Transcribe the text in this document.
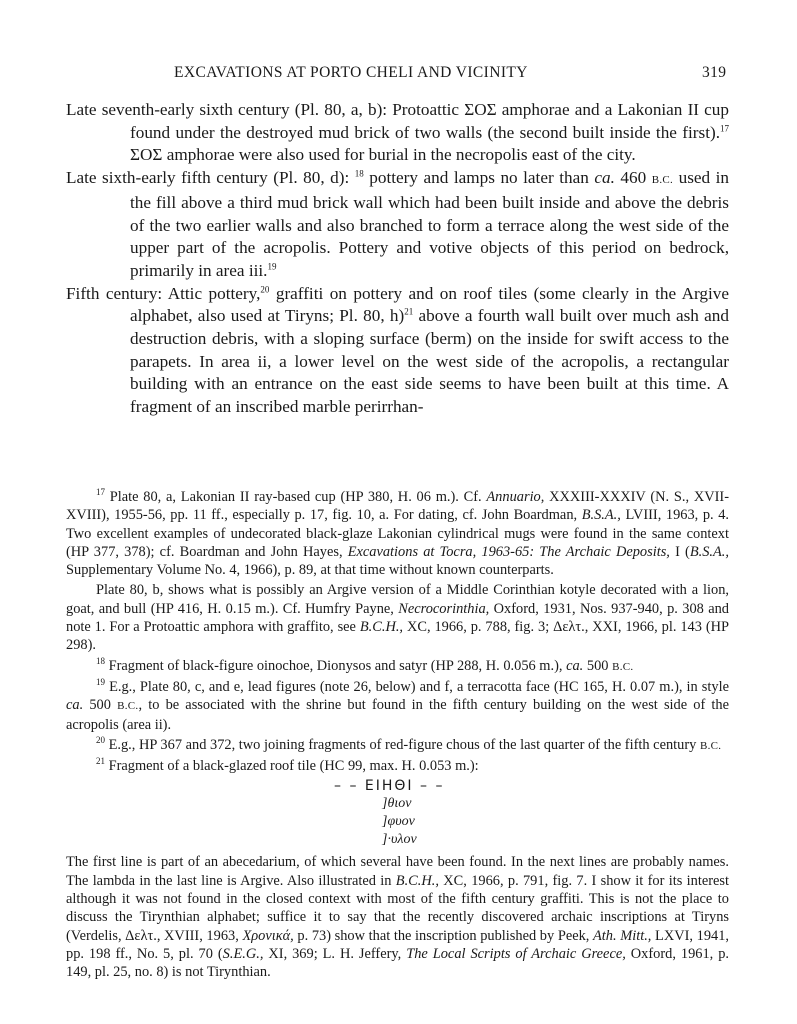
EXCAVATIONS AT PORTO CHELI AND VICINITY	319

Late seventh-early sixth century (Pl. 80, a, b): Protoattic ΣΟΣ amphorae and a Lakonian II cup found under the destroyed mud brick of two walls (the second built inside the first).$^{17}$ ΣΟΣ amphorae were also used for burial in the necropolis east of the city.

Late sixth-early fifth century (Pl. 80, d): $^{18}$ pottery and lamps no later than ca. 460 B.C. used in the fill above a third mud brick wall which had been built inside and above the debris of the two earlier walls and also branched to form a terrace along the west side of the upper part of the acropolis. Pottery and votive objects of this period on bedrock, primarily in area iii.$^{19}$

Fifth century: Attic pottery,$^{20}$ graffiti on pottery and on roof tiles (some clearly in the Argive alphabet, also used at Tiryns; Pl. 80, h)$^{21}$ above a fourth wall built over much ash and destruction debris, with a sloping surface (berm) on the inside for swift access to the parapets. In area ii, a lower level on the west side of the acropolis, a rectangular building with an entrance on the east side seems to have been built at this time. A fragment of an inscribed marble perirrhan-

$^{17}$ Plate 80, a, Lakonian II ray-based cup (HP 380, H. 06 m.). Cf. Annuario, XXXIII-XXXIV (N. S., XVII-XVIII), 1955-56, pp. 11 ff., especially p. 17, fig. 10, a. For dating, cf. John Boardman, B.S.A., LVIII, 1963, p. 4. Two excellent examples of undecorated black-glaze Lakonian cylindrical mugs were found in the same context (HP 377, 378); cf. Boardman and John Hayes, Excavations at Tocra, 1963-65: The Archaic Deposits, I (B.S.A., Supplementary Volume No. 4, 1966), p. 89, at that time without known counterparts.

Plate 80, b, shows what is possibly an Argive version of a Middle Corinthian kotyle decorated with a lion, goat, and bull (HP 416, H. 0.15 m.). Cf. Humfry Payne, Necrocorinthia, Oxford, 1931, Nos. 937-940, p. 308 and note 1. For a Protoattic amphora with graffito, see B.C.H., XC, 1966, p. 788, fig. 3; Δελτ., XXI, 1966, pl. 143 (HP 298).

$^{18}$ Fragment of black-figure oinochoe, Dionysos and satyr (HP 288, H. 0.056 m.), ca. 500 B.C.

$^{19}$ E.g., Plate 80, c, and e, lead figures (note 26, below) and f, a terracotta face (HC 165, H. 0.07 m.), in style ca. 500 B.C., to be associated with the shrine but found in the fifth century building on the west side of the acropolis (area ii).

$^{20}$ E.g., HP 367 and 372, two joining fragments of red-figure chous of the last quarter of the fifth century B.C.

$^{21}$ Fragment of a black-glazed roof tile (HC 99, max. H. 0.053 m.):

– – ΕΙΗΘΙ – –
]θιον
]φυον
]·υλον

The first line is part of an abecedarium, of which several have been found. In the next lines are probably names. The lambda in the last line is Argive. Also illustrated in B.C.H., XC, 1966, p. 791, fig. 7. I show it for its interest although it was not found in the closed context with most of the fifth century graffiti. This is not the place to discuss the Tirynthian alphabet; suffice it to say that the recently discovered archaic inscriptions at Tiryns (Verdelis, Δελτ., XVIII, 1963, Χρονικά, p. 73) show that the inscription published by Peek, Ath. Mitt., LXVI, 1941, pp. 198 ff., No. 5, pl. 70 (S.E.G., XI, 369; L. H. Jeffery, The Local Scripts of Archaic Greece, Oxford, 1961, p. 149, pl. 25, no. 8) is not Tirynthian.
